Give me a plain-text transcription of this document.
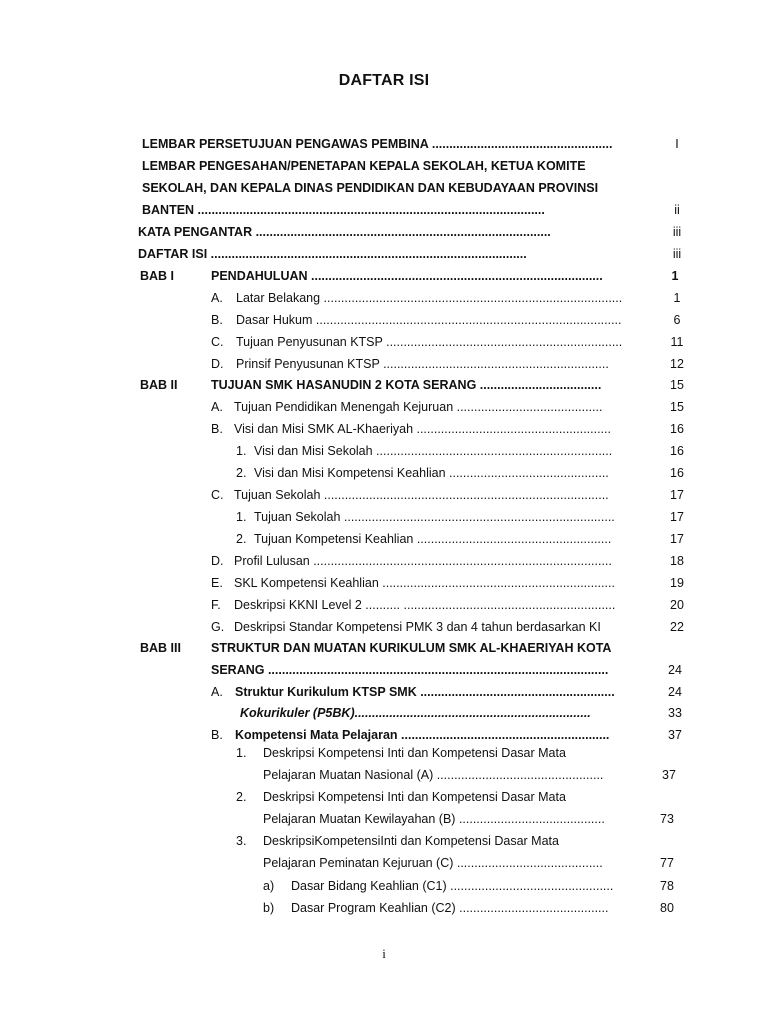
DAFTAR ISI
LEMBAR PERSETUJUAN PENGAWAS PEMBINA ....................................................	I
LEMBAR PENGESAHAN/PENETAPAN KEPALA SEKOLAH, KETUA KOMITE
SEKOLAH, DAN KEPALA DINAS PENDIDIKAN DAN KEBUDAYAAN PROVINSI
BANTEN ....................................................................................................	ii
KATA PENGANTAR .....................................................................................	iii
DAFTAR ISI ...........................................................................................	iii
BAB I	PENDAHULUAN ....................................................................................	1
A. Latar Belakang ......................................................................................	1
B. Dasar Hukum ........................................................................................	6
C. Tujuan Penyusunan KTSP ....................................................................	11
D. Prinsif Penyusunan KTSP .................................................................	12
BAB II	TUJUAN SMK HASANUDIN 2 KOTA SERANG ...................................	15
A. Tujuan Pendidikan Menengah Kejuruan ..........................................	15
B. Visi dan Misi SMK AL-Khaeriyah ........................................................	16
1. Visi dan Misi Sekolah ....................................................................	16
2. Visi dan Misi Kompetensi Keahlian ..............................................	16
C. Tujuan Sekolah ..................................................................................	17
1. Tujuan Sekolah ..............................................................................	17
2. Tujuan Kompetensi Keahlian ........................................................	17
D. Profil Lulusan ......................................................................................	18
E. SKL Kompetensi Keahlian ...................................................................	19
F. Deskripsi KKNI Level 2 .......... .............................................................	20
G. Deskripsi Standar Kompetensi PMK 3 dan 4 tahun berdasarkan KI	22
BAB III STRUKTUR DAN MUATAN KURIKULUM SMK AL-KHAERIYAH KOTA
SERANG ..................................................................................................	24
A. Struktur Kurikulum KTSP SMK ........................................................	24
Kokurikuler (P5BK)....................................................................	33
B. Kompetensi Mata Pelajaran ............................................................	37
1. Deskripsi Kompetensi Inti dan Kompetensi Dasar Mata
Pelajaran Muatan Nasional (A) ................................................	37
2. Deskripsi Kompetensi Inti dan Kompetensi Dasar Mata
Pelajaran Muatan Kewilayahan (B) ..........................................	73
3. DeskripsiKompetensiInti dan Kompetensi Dasar Mata
Pelajaran Peminatan Kejuruan (C) ..........................................	77
a) Dasar Bidang Keahlian (C1) ...............................................	78
b) Dasar Program Keahlian (C2) ...........................................	80
i
